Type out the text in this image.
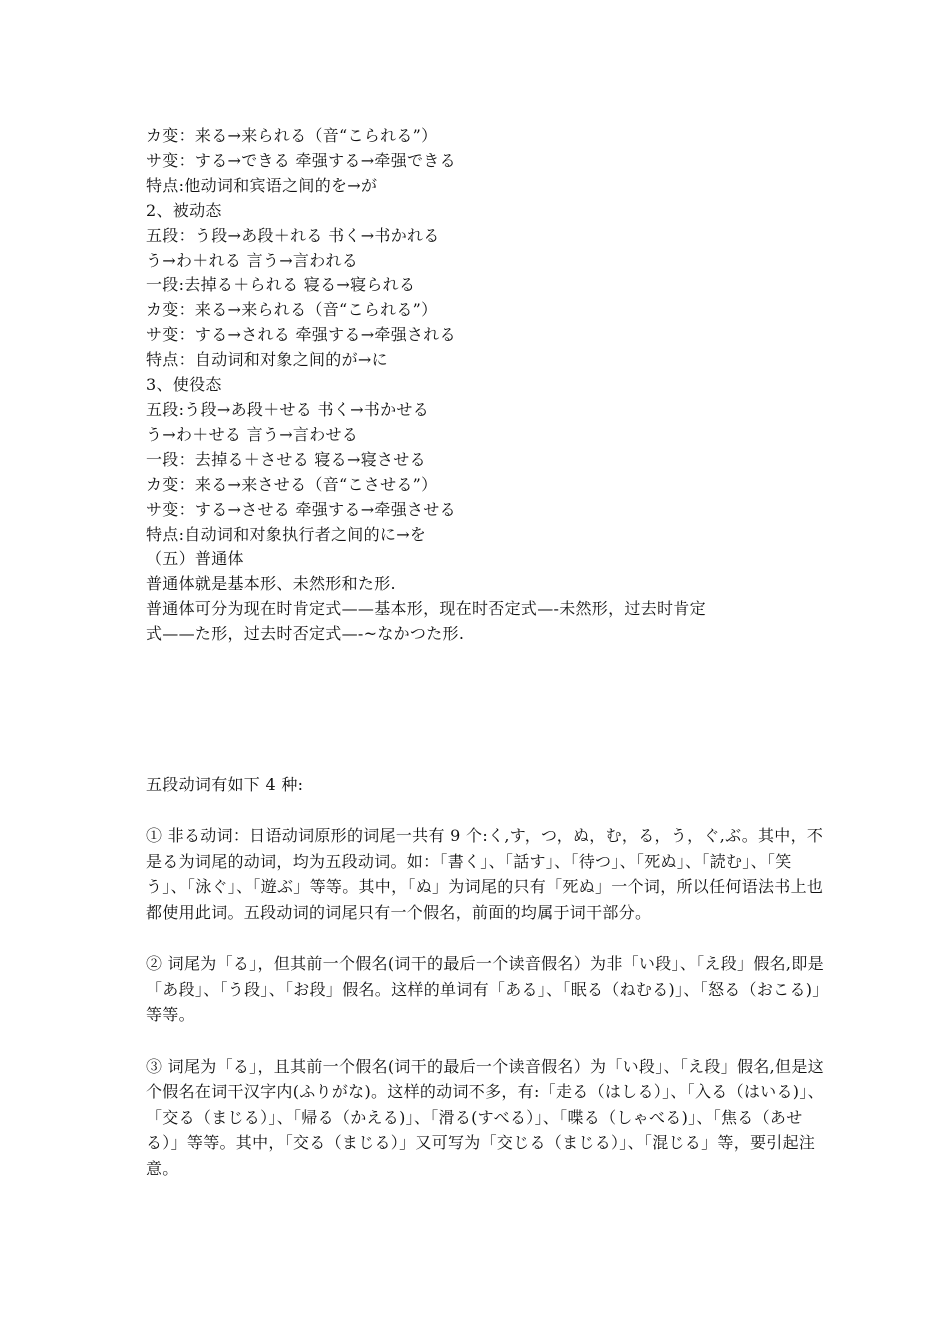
カ变：来る→来られる（音“こられる”）
サ变：する→できる 牵强する→牵强できる
特点:他动词和宾语之间的を→が
2、被动态
五段：う段→あ段＋れる 书く→书かれる
う→わ＋れる 言う→言われる
一段:去掉る＋られる 寝る→寝られる
カ变：来る→来られる（音“こられる”）
サ变：する→される 牵强する→牵强される
特点：自动词和对象之间的が→に
3、使役态
五段:う段→あ段＋せる 书く→书かせる
う→わ＋せる 言う→言わせる
一段：去掉る＋させる 寝る→寝させる
カ变：来る→来させる（音“こさせる”）
サ变：する→させる 牵强する→牵强させる
特点:自动词和对象执行者之间的に→を
（五）普通体
普通体就是基本形、未然形和た形.
普通体可分为现在时肯定式——基本形，现在时否定式—-未然形，过去时肯定
式——た形，过去时否定式—-~なかつた形.
五段动词有如下 4 种:

① 非る动词：日语动词原形的词尾一共有 9 个:く,す，つ，ぬ，む，る，う，ぐ,ぶ。其中，不是る为词尾的动词，均为五段动词。如：「書く」、「話す」、「待つ」、「死ぬ」、「読む」、「笑う」、「泳ぐ」、「遊ぶ」等等。其中，「ぬ」为词尾的只有「死ぬ」一个词，所以任何语法书上也都使用此词。五段动词的词尾只有一个假名，前面的均属于词干部分。

② 词尾为「る」，但其前一个假名(词干的最后一个读音假名）为非「い段」、「え段」假名,即是「あ段」、「う段」、「お段」假名。这样的单词有「ある」、「眠る（ねむる)」、「怒る（おこる)」等等。

③ 词尾为「る」，且其前一个假名(词干的最后一个读音假名）为「い段」、「え段」假名,但是这个假名在词干汉字内(ふりがな)。这样的动词不多，有:「走る（はしる）」、「入る（はいる)」、「交る（まじる）」、「帰る（かえる)」、「滑る(すべる）」、「喋る（しゃべる)」、「焦る（あせる）」等等。其中，「交る（まじる）」又可写为「交じる（まじる）」、「混じる」等，要引起注意。
